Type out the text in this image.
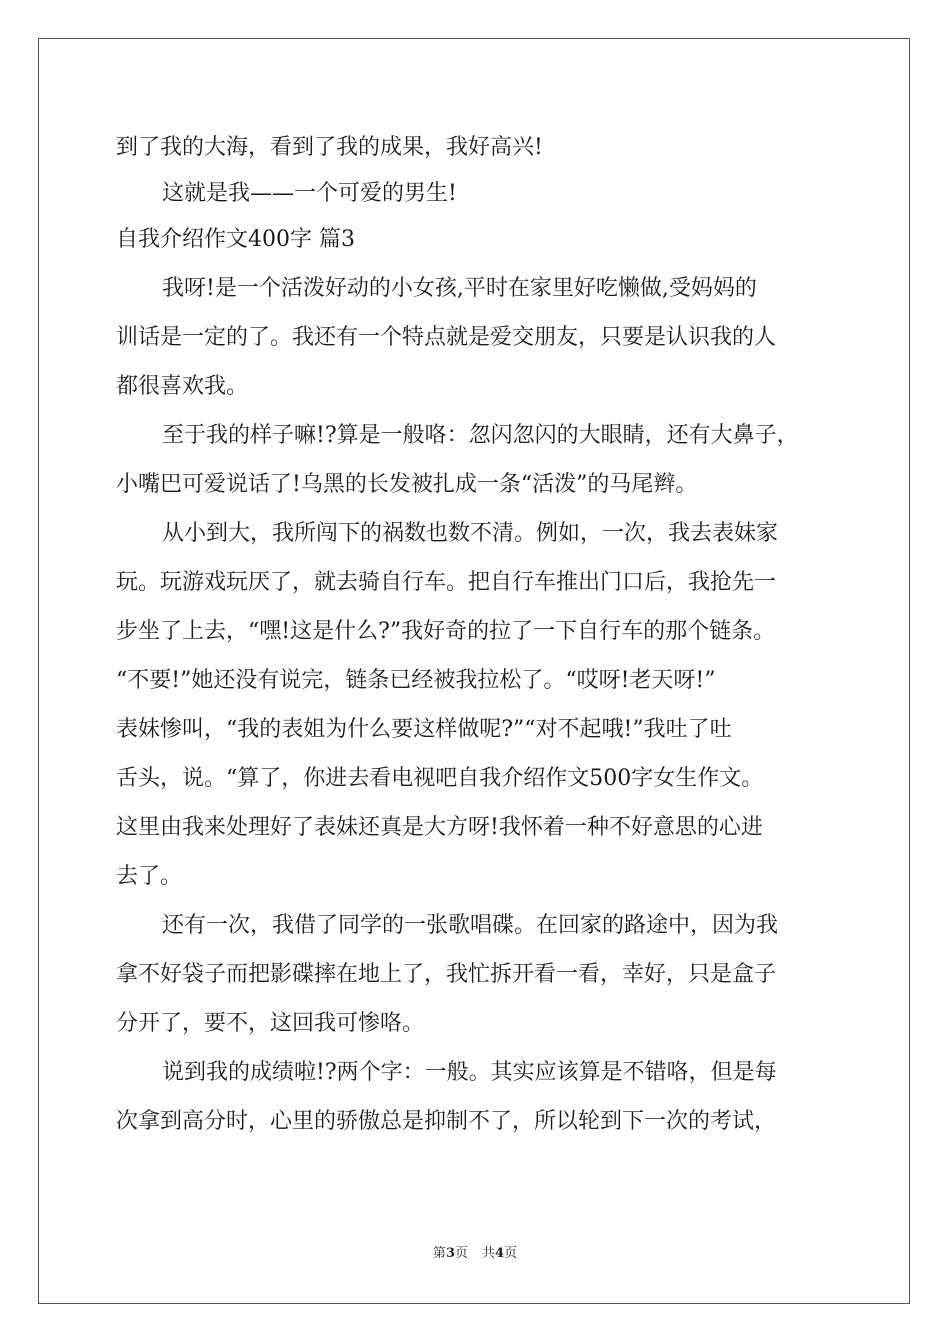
到了我的大海，看到了我的成果，我好高兴!
这就是我——一个可爱的男生!
自我介绍作文400字 篇3
我呀!是一个活泼好动的小女孩,平时在家里好吃懒做,受妈妈的
训话是一定的了。我还有一个特点就是爱交朋友，只要是认识我的人
都很喜欢我。
至于我的样子嘛!?算是一般咯：忽闪忽闪的大眼睛，还有大鼻子，
小嘴巴可爱说话了!乌黑的长发被扎成一条“活泼”的马尾辫。
从小到大，我所闯下的祸数也数不清。例如，一次，我去表妹家
玩。玩游戏玩厌了，就去骑自行车。把自行车推出门口后，我抢先一
步坐了上去，“嘿!这是什么?”我好奇的拉了一下自行车的那个链条。
“不要!”她还没有说完，链条已经被我拉松了。“哎呀!老天呀!”
表妹惨叫，“我的表姐为什么要这样做呢?”“对不起哦!”我吐了吐
舌头，说。“算了，你进去看电视吧自我介绍作文500字女生作文。
这里由我来处理好了表妹还真是大方呀!我怀着一种不好意思的心进
去了。
还有一次，我借了同学的一张歌唱碟。在回家的路途中，因为我
拿不好袋子而把影碟摔在地上了，我忙拆开看一看，幸好，只是盒子
分开了，要不，这回我可惨咯。
说到我的成绩啦!?两个字：一般。其实应该算是不错咯，但是每
次拿到高分时，心里的骄傲总是抑制不了，所以轮到下一次的考试，
第3页 共4页
